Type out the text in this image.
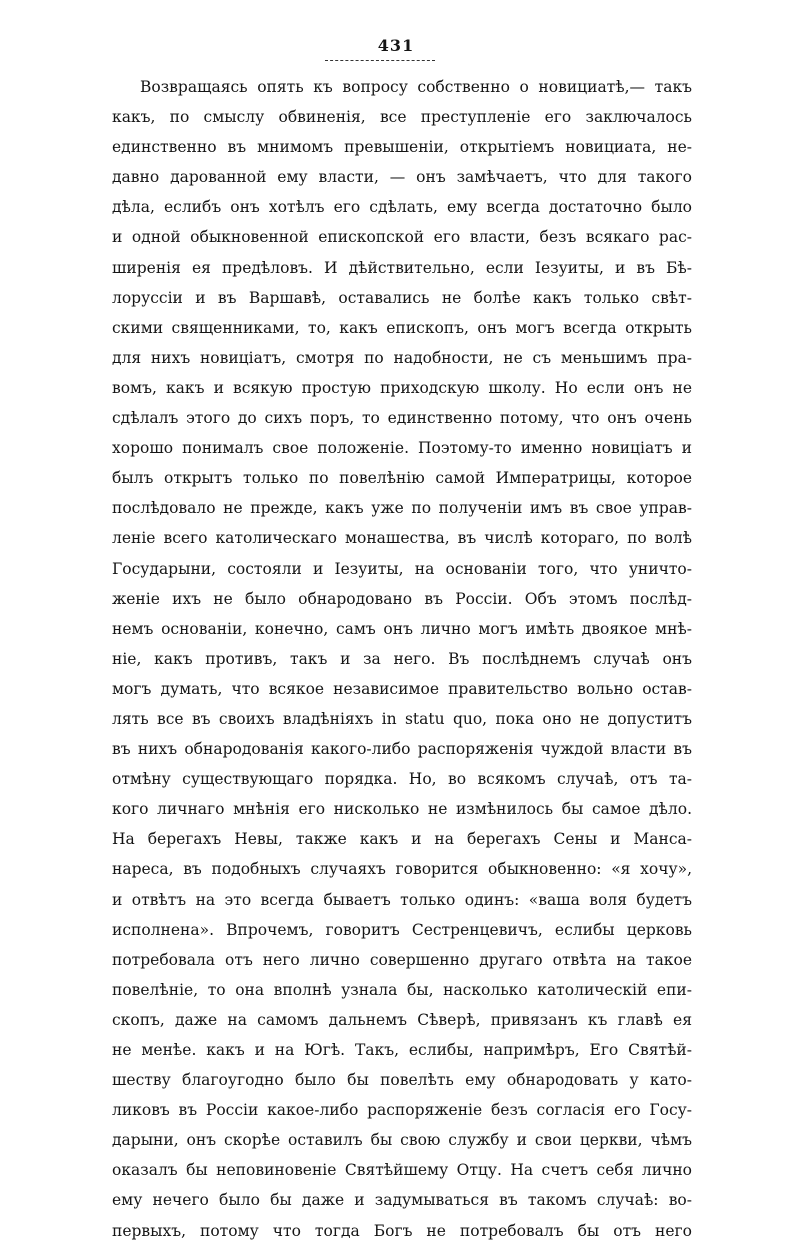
431
Возвращаясь опять къ вопросу собственно о новициатѣ,— такъ
какъ, по смыслу обвиненія, все преступленіе его заключалось
единственно въ мнимомъ превышеніи, открытіемъ новициата, не-
давно дарованной ему власти, — онъ замѣчаетъ, что для такого
дѣла, еслибъ онъ хотѣлъ его сдѣлать, ему всегда достаточно было
и одной обыкновенной епископской его власти, безъ всякаго рас-
ширенія ея предѣловъ. И дѣйствительно, если Іезуиты, и въ Бѣ-
лоруссіи и въ Варшавѣ, оставались не болѣе какъ только свѣт-
скими священниками, то, какъ епископъ, онъ могъ всегда открыть
для нихъ новиціатъ, смотря по надобности, не съ меньшимъ пра-
вомъ, какъ и всякую простую приходскую школу. Но если онъ не
сдѣлалъ этого до сихъ поръ, то единственно потому, что онъ очень
хорошо понималъ свое положеніе. Поэтому-то именно новиціатъ и
былъ открытъ только по повелѣнію самой Императрицы, которое
послѣдовало не прежде, какъ уже по полученіи имъ въ свое управ-
леніе всего католическаго монашества, въ числѣ котораго, по волѣ
Государыни, состояли и Іезуиты, на основаніи того, что уничто-
женіе ихъ не было обнародовано въ Россіи. Объ этомъ послѣд-
немъ основаніи, конечно, самъ онъ лично могъ имѣть двоякое мнѣ-
ніе, какъ противъ, такъ и за него. Въ послѣднемъ случаѣ онъ
могъ думать, что всякое независимое правительство вольно остав-
лять все въ своихъ владѣніяхъ in statu quo, пока оно не допуститъ
въ нихъ обнародованія какого-либо распоряженія чуждой власти въ
отмѣну существующаго порядка. Но, во всякомъ случаѣ, отъ та-
кого личнаго мнѣнія его нисколько не измѣнилось бы самое дѣло.
На берегахъ Невы, также какъ и на берегахъ Сены и Манса-
нареса, въ подобныхъ случаяхъ говорится обыкновенно: «я хочу»,
и отвѣтъ на это всегда бываетъ только одинъ: «ваша воля будетъ
исполнена». Впрочемъ, говоритъ Сестренцевичъ, еслибы церковь
потребовала отъ него лично совершенно другаго отвѣта на такое
повелѣніе, то она вполнѣ узнала бы, насколько католическій епи-
скопъ, даже на самомъ дальнемъ Сѣверѣ, привязанъ къ главѣ ея
не менѣе. какъ и на Югѣ. Такъ, еслибы, напримѣръ, Его Святѣй-
шеству благоугодно было бы повелѣть ему обнародовать у като-
ликовъ въ Россіи какое-либо распоряженіе безъ согласія его Госу-
дарыни, онъ скорѣе оставилъ бы свою службу и свои церкви, чѣмъ
оказалъ бы неповиновеніе Святѣйшему Отцу. На счетъ себя лично
ему нечего было бы даже и задумываться въ такомъ случаѣ: во-
первыхъ, потому что тогда Богъ не потребовалъ бы отъ него
